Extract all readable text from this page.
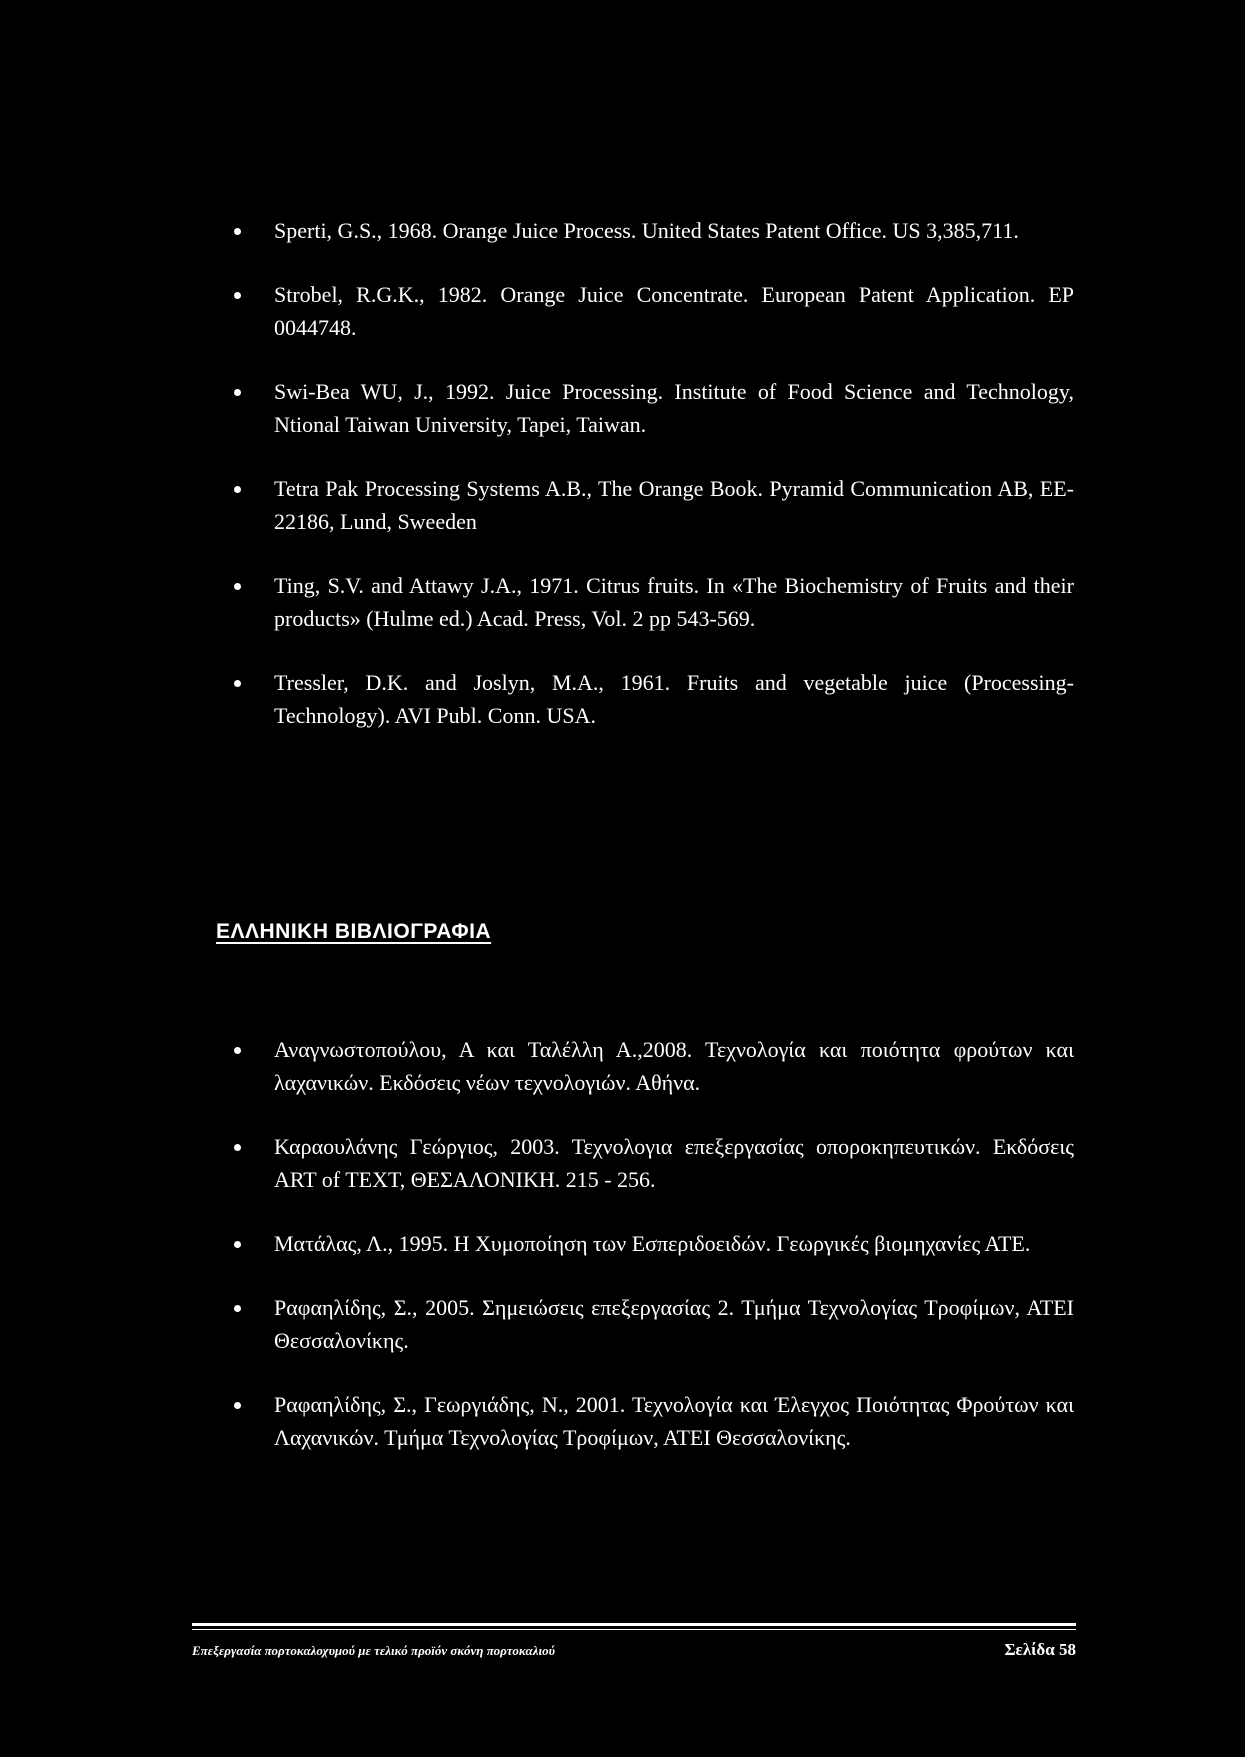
Sperti, G.S., 1968. Orange Juice Process. United States Patent Office. US 3,385,711.
Strobel, R.G.K., 1982. Orange Juice Concentrate. European Patent Application. EP 0044748.
Swi-Bea WU, J., 1992. Juice Processing. Institute of Food Science and Technology, Ntional Taiwan University, Tapei, Taiwan.
Tetra Pak Processing Systems A.B., The Orange Book. Pyramid Communication AB, EE-22186, Lund, Sweeden
Ting, S.V. and Attawy J.A., 1971. Citrus fruits. In «The Biochemistry of Fruits and their products» (Hulme ed.) Acad. Press, Vol. 2 pp 543-569.
Tressler, D.K. and Joslyn, M.A., 1961. Fruits and vegetable juice (Processing-Technology). AVI Publ. Conn. USA.
ΕΛΛΗΝΙΚΗ ΒΙΒΛΙΟΓΡΑΦΙΑ
Αναγνωστοπούλου, Α και Ταλέλλη Α.,2008. Τεχνολογία και ποιότητα φρούτων και λαχανικών. Εκδόσεις νέων τεχνολογιών. Αθήνα.
Καραουλάνης Γεώργιος, 2003. Τεχνολογια επεξεργασίας οπορoκηπευτικών. Εκδόσεις ART of TEXT, ΘΕΣΑΛΟΝΙΚΗ. 215 - 256.
Ματάλας, Λ., 1995. Η Χυμοποίηση των Εσπεριδοειδών. Γεωργικές βιομηχανίες ΑΤΕ.
Ραφαηλίδης, Σ., 2005. Σημειώσεις επεξεργασίας 2. Τμήμα Τεχνολογίας Τροφίμων, ΑΤΕΙ Θεσσαλονίκης.
Ραφαηλίδης, Σ., Γεωργιάδης, Ν., 2001. Τεχνολογία και Έλεγχος Ποιότητας Φρούτων και Λαχανικών. Τμήμα Τεχνολογίας Τροφίμων, ΑΤΕΙ Θεσσαλονίκης.
Επεξεργασία πορτοκαλοχυμού με τελικό προϊόν σκόνη πορτοκαλιού	Σελίδα 58
